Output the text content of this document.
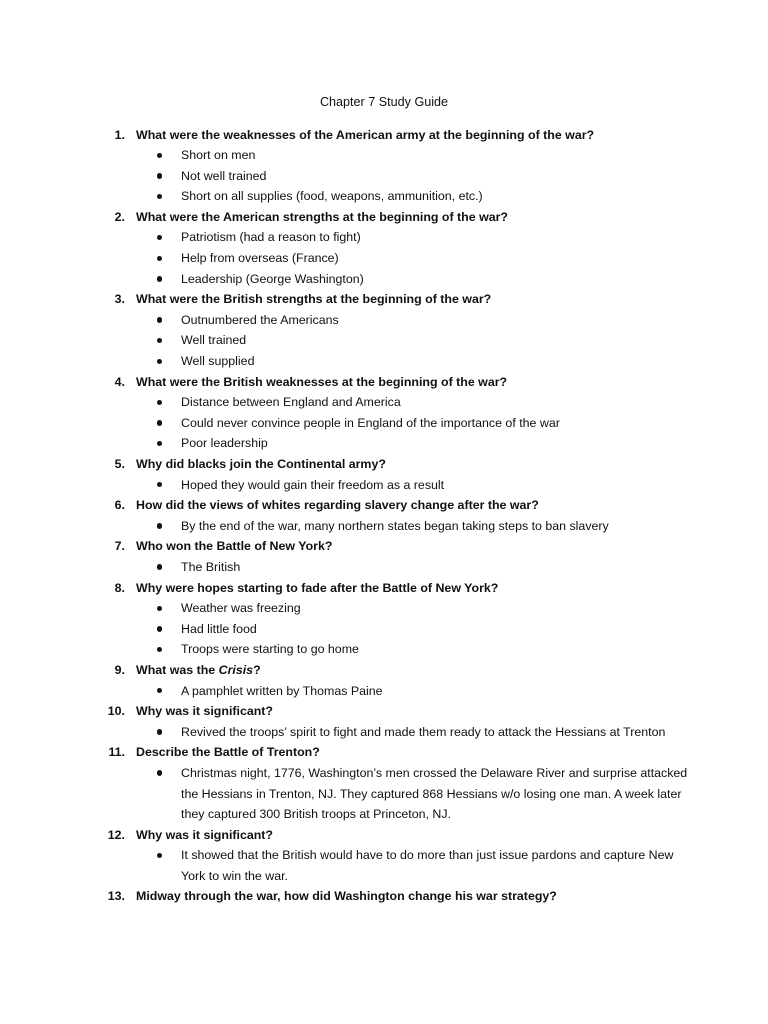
Chapter 7 Study Guide
1. What were the weaknesses of the American army at the beginning of the war?
Short on men
Not well trained
Short on all supplies (food, weapons, ammunition, etc.)
2. What were the American strengths at the beginning of the war?
Patriotism (had a reason to fight)
Help from overseas (France)
Leadership (George Washington)
3. What were the British strengths at the beginning of the war?
Outnumbered the Americans
Well trained
Well supplied
4. What were the British weaknesses at the beginning of the war?
Distance between England and America
Could never convince people in England of the importance of the war
Poor leadership
5. Why did blacks join the Continental army?
Hoped they would gain their freedom as a result
6. How did the views of whites regarding slavery change after the war?
By the end of the war, many northern states began taking steps to ban slavery
7. Who won the Battle of New York?
The British
8. Why were hopes starting to fade after the Battle of New York?
Weather was freezing
Had little food
Troops were starting to go home
9. What was the Crisis?
A pamphlet written by Thomas Paine
10. Why was it significant?
Revived the troops’ spirit to fight and made them ready to attack the Hessians at Trenton
11. Describe the Battle of Trenton?
Christmas night, 1776, Washington’s men crossed the Delaware River and surprise attacked the Hessians in Trenton, NJ. They captured 868 Hessians w/o losing one man. A week later they captured 300 British troops at Princeton, NJ.
12. Why was it significant?
It showed that the British would have to do more than just issue pardons and capture New York to win the war.
13. Midway through the war, how did Washington change his war strategy?
